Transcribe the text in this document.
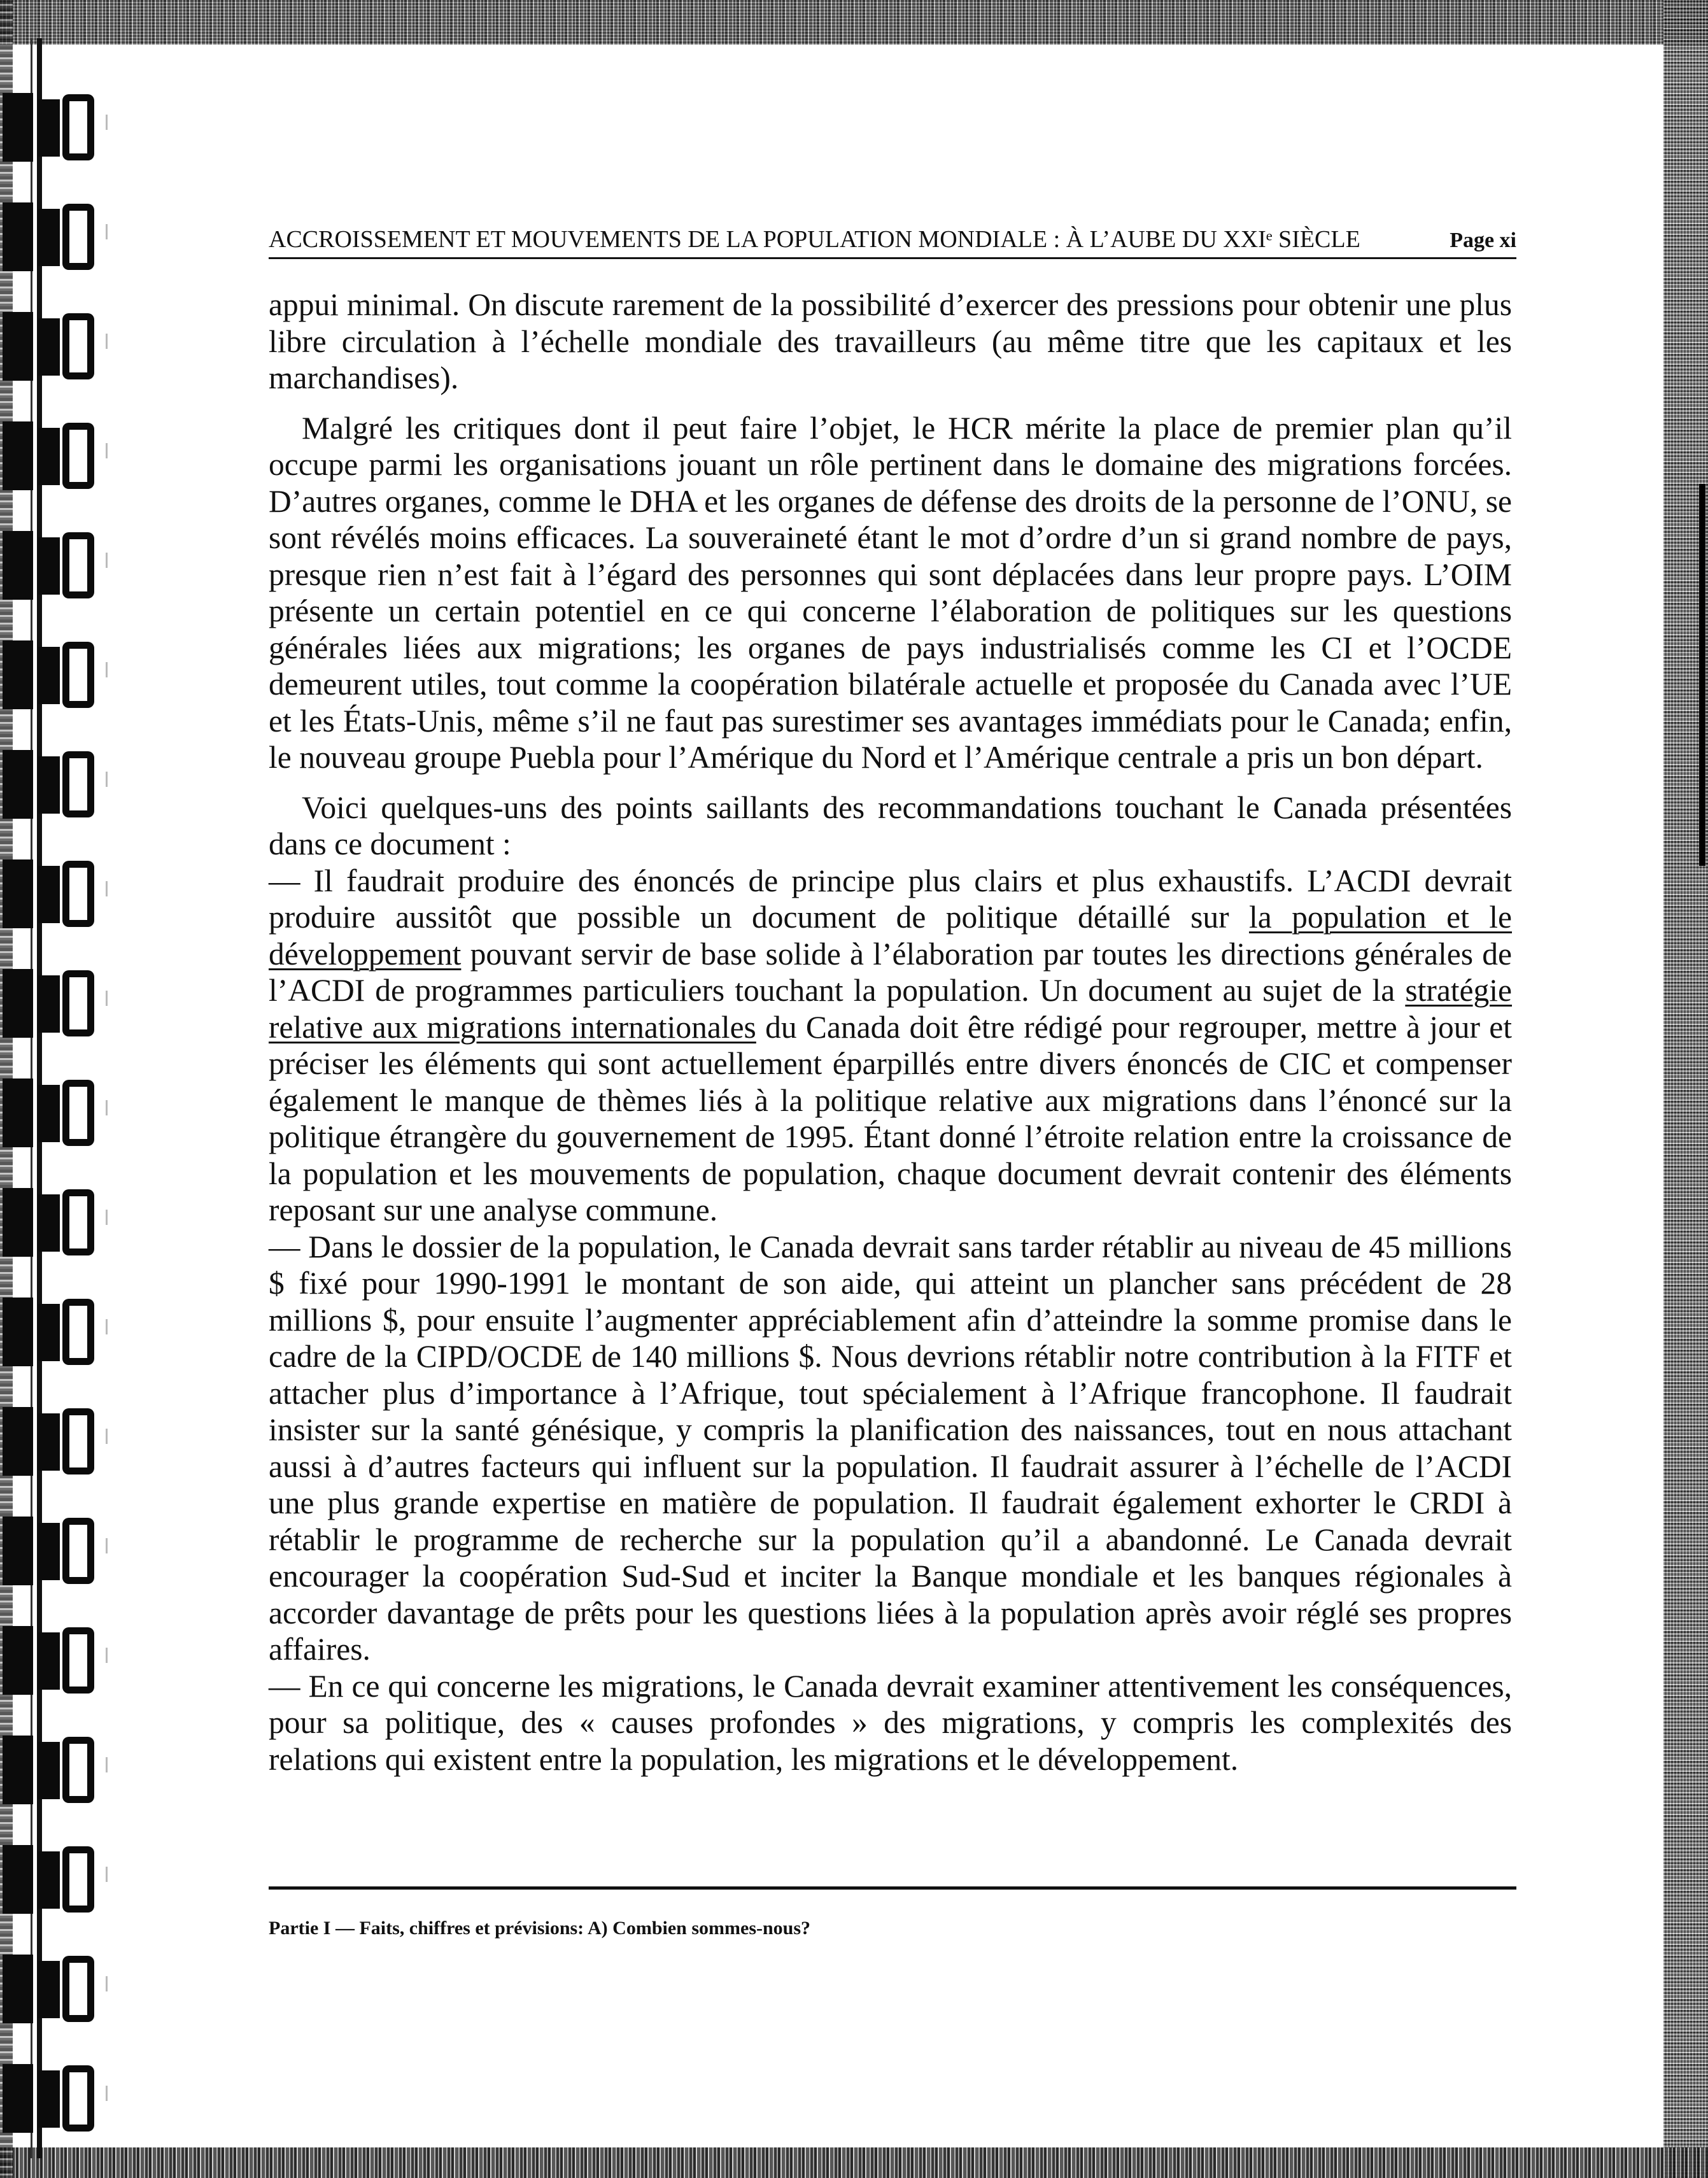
ACCROISSEMENT ET MOUVEMENTS DE LA POPULATION MONDIALE : À L’AUBE DU XXIᵉ SIÈCLE	Page xi

appui minimal. On discute rarement de la possibilité d’exercer des pressions pour obtenir une plus libre circulation à l’échelle mondiale des travailleurs (au même titre que les capitaux et les marchandises).

Malgré les critiques dont il peut faire l’objet, le HCR mérite la place de premier plan qu’il occupe parmi les organisations jouant un rôle pertinent dans le domaine des migrations forcées. D’autres organes, comme le DHA et les organes de défense des droits de la personne de l’ONU, se sont révélés moins efficaces. La souveraineté étant le mot d’ordre d’un si grand nombre de pays, presque rien n’est fait à l’égard des personnes qui sont déplacées dans leur propre pays. L’OIM présente un certain potentiel en ce qui concerne l’élaboration de politiques sur les questions générales liées aux migrations; les organes de pays industrialisés comme les CI et l’OCDE demeurent utiles, tout comme la coopération bilatérale actuelle et proposée du Canada avec l’UE et les États-Unis, même s’il ne faut pas surestimer ses avantages immédiats pour le Canada; enfin, le nouveau groupe Puebla pour l’Amérique du Nord et l’Amérique centrale a pris un bon départ.

Voici quelques-uns des points saillants des recommandations touchant le Canada présentées dans ce document :

— Il faudrait produire des énoncés de principe plus clairs et plus exhaustifs. L’ACDI devrait produire aussitôt que possible un document de politique détaillé sur la population et le développement pouvant servir de base solide à l’élaboration par toutes les directions générales de l’ACDI de programmes particuliers touchant la population. Un document au sujet de la stratégie relative aux migrations internationales du Canada doit être rédigé pour regrouper, mettre à jour et préciser les éléments qui sont actuellement éparpillés entre divers énoncés de CIC et compenser également le manque de thèmes liés à la politique relative aux migrations dans l’énoncé sur la politique étrangère du gouvernement de 1995. Étant donné l’étroite relation entre la croissance de la population et les mouvements de population, chaque document devrait contenir des éléments reposant sur une analyse commune.

— Dans le dossier de la population, le Canada devrait sans tarder rétablir au niveau de 45 millions $ fixé pour 1990-1991 le montant de son aide, qui atteint un plancher sans précédent de 28 millions $, pour ensuite l’augmenter appréciablement afin d’atteindre la somme promise dans le cadre de la CIPD/OCDE de 140 millions $. Nous devrions rétablir notre contribution à la FITF et attacher plus d’importance à l’Afrique, tout spécialement à l’Afrique francophone. Il faudrait insister sur la santé génésique, y compris la planification des naissances, tout en nous attachant aussi à d’autres facteurs qui influent sur la population. Il faudrait assurer à l’échelle de l’ACDI une plus grande expertise en matière de population. Il faudrait également exhorter le CRDI à rétablir le programme de recherche sur la population qu’il a abandonné. Le Canada devrait encourager la coopération Sud-Sud et inciter la Banque mondiale et les banques régionales à accorder davantage de prêts pour les questions liées à la population après avoir réglé ses propres affaires.

— En ce qui concerne les migrations, le Canada devrait examiner attentivement les conséquences, pour sa politique, des « causes profondes » des migrations, y compris les complexités des relations qui existent entre la population, les migrations et le développement.

Partie I — Faits, chiffres et prévisions: A) Combien sommes-nous?
